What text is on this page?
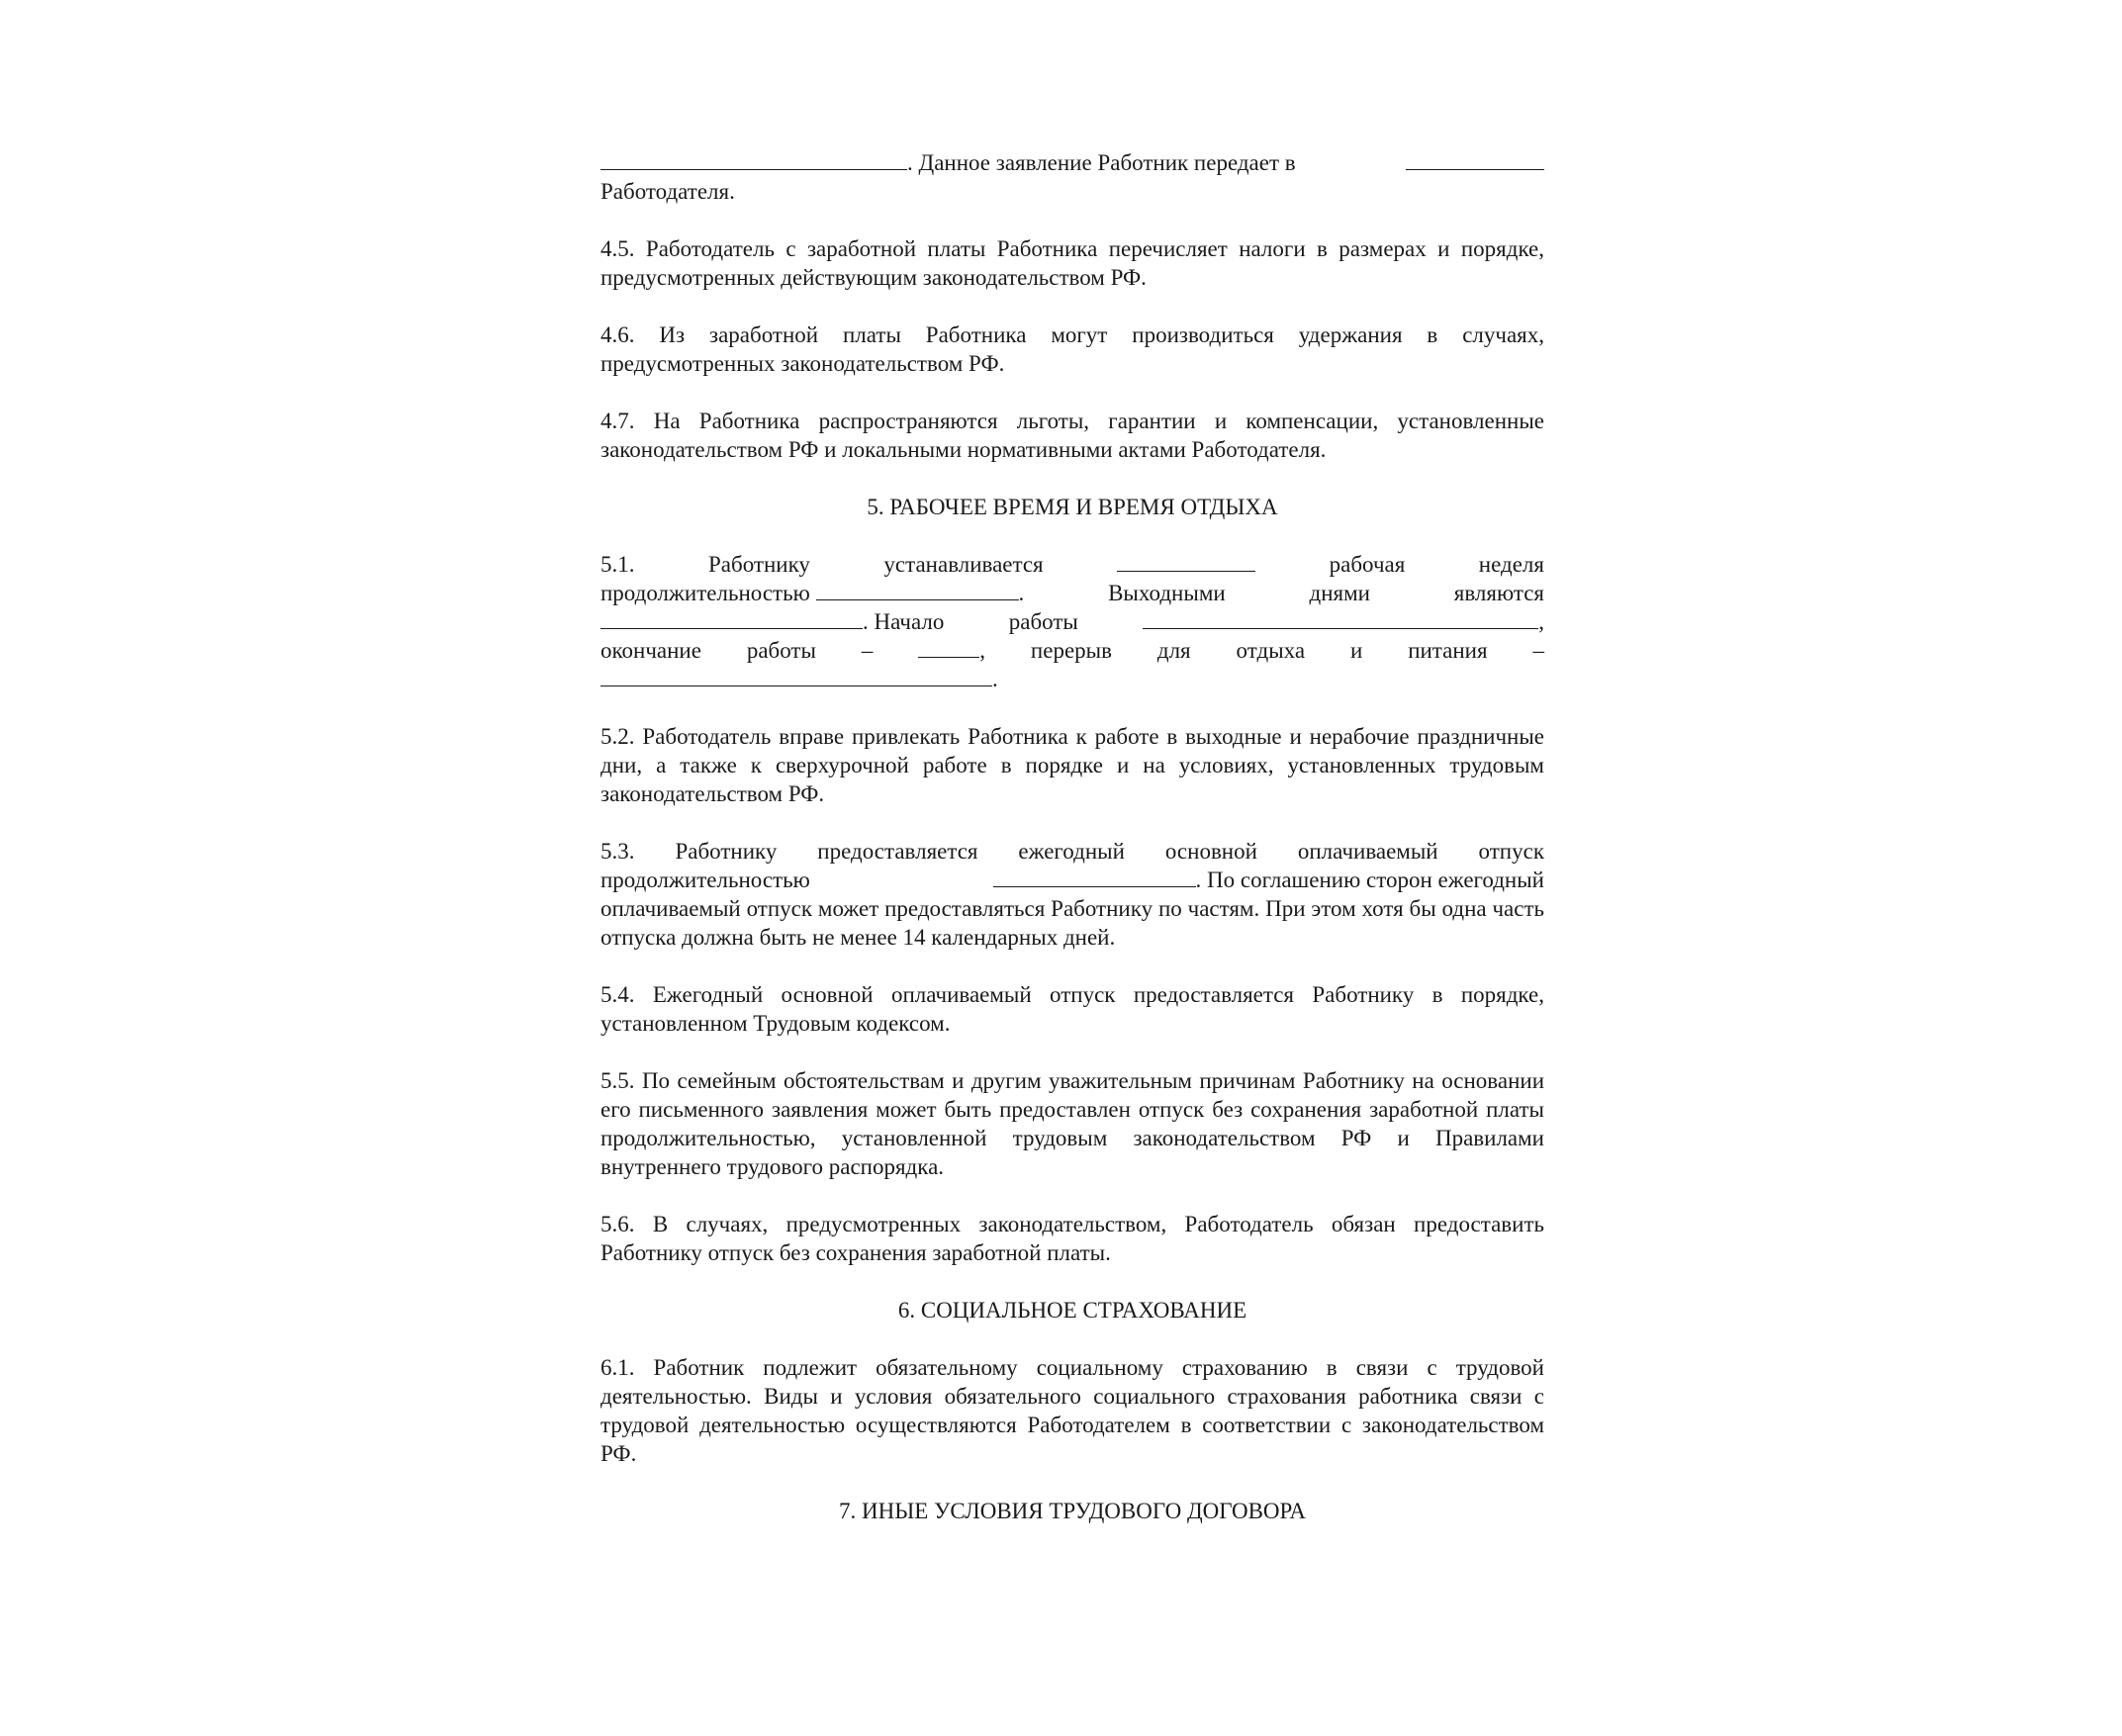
. Данное заявление Работник передает в
Работодателя.

4.5. Работодатель с заработной платы Работника перечисляет налоги в размерах и порядке, предусмотренных действующим законодательством РФ.

4.6. Из заработной платы Работника могут производиться удержания в случаях, предусмотренных законодательством РФ.

4.7. На Работника распространяются льготы, гарантии и компенсации, установленные законодательством РФ и локальными нормативными актами Работодателя.

5. РАБОЧЕЕ ВРЕМЯ И ВРЕМЯ ОТДЫХА
5.1.	Работнику	устанавливается	рабочая	неделя
продолжительностью	.	Выходными	днями	являются
. Начало	работы	,
окончание работы –	, перерыв для отдыха и питания –
.

5.2. Работодатель вправе привлекать Работника к работе в выходные и нерабочие праздничные дни, а также к сверхурочной работе в порядке и на условиях, установленных трудовым законодательством РФ.

5.3. Работнику предоставляется ежегодный основной оплачиваемый отпуск
продолжительностью	. По соглашению сторон ежегодный
оплачиваемый отпуск может предоставляться Работнику по частям. При этом хотя бы одна часть отпуска должна быть не менее 14 календарных дней.

5.4. Ежегодный основной оплачиваемый отпуск предоставляется Работнику в порядке, установленном Трудовым кодексом.

5.5. По семейным обстоятельствам и другим уважительным причинам Работнику на основании его письменного заявления может быть предоставлен отпуск без сохранения заработной платы продолжительностью, установленной трудовым законодательством РФ и Правилами внутреннего трудового распорядка.

5.6. В случаях, предусмотренных законодательством, Работодатель обязан предоставить Работнику отпуск без сохранения заработной платы.

6. СОЦИАЛЬНОЕ СТРАХОВАНИЕ

6.1. Работник подлежит обязательному социальному страхованию в связи с трудовой деятельностью. Виды и условия обязательного социального страхования работника связи с трудовой деятельностью осуществляются Работодателем в соответствии с законодательством РФ.

7. ИНЫЕ УСЛОВИЯ ТРУДОВОГО ДОГОВОРА
